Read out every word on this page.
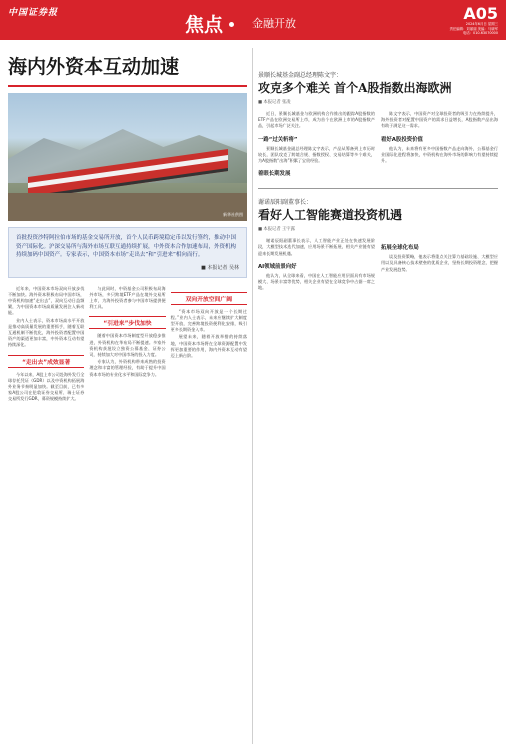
中国证券报
焦点	金融开放
A05
2024年6月日 星期三
责任编辑：刘丽丽 美编：马晓军
电话：010-63070000
海内外资本互动加速
新华社供图
首批投资沙特阿拉伯市场的基金交易所开放，首个人民币跨境稳定币以发行签约，推动中国资产国际化。沪深交易所与海外市场互联互通持续扩展，中外资本合作加速布局，外资机构持续加码中国资产。专家表示，中国资本市场“走出去”和“引进来”相向而行。
■ 本报记者 吴林

近年来，中国资本市场双向开放步伐不断加快。海外资本积极布局中国市场，中资机构加速“走出去”，双向互动日益频繁，为中国资本市场高质量发展注入新动能。

业内人士表示，资本市场高水平开放是推动高质量发展的重要抓手，随着互联互通机制不断优化，海外投资者配置中国资产的渠道更加丰富，中外资本互动有望持续深化。

“走出去”成效显著

今年以来，A股上市公司赴海外发行全球存托凭证（GDR）以及中资机构拓展海外业务节奏明显加快。截至目前，已有多家A股公司在伦敦证券交易所、瑞士证券交易所发行GDR，募资规模持续扩大。

与此同时，中资基金公司积极布局海外市场，多只跨境ETF产品在境外交易所上市，为海外投资者参与中国市场提供便利工具。

“引进来”步伐加快

随着中国资本市场制度型开放稳步推进，外资机构在华布局不断提速。多家外资机构获批设立独资公募基金、证券公司，持续加大对中国市场的投入力度。

专家认为，外资机构带来成熟的投资理念和丰富的管理经验，有助于提升中国资本市场的专业化水平和国际竞争力。

双向开放空间广阔

“资本市场双向开放是一个长期过程。”业内人士表示，未来应继续扩大制度型开放，完善跨境投资便利化安排，吸引更多长期资金入市。

展望未来，随着开放举措的持续落地，中国资本市场将在全球资源配置中发挥更加重要的作用，海内外资本互动有望迈上新台阶。

景顺长城基金副总经理陈文宇：
攻克多个难关 首个A股指数出海欧洲
■ 本报记者 张凌

近日，景顺长城基金与欧洲机构合作推出的跟踪A股指数的ETF产品在欧洲交易所上市，成为首个在欧洲上市的A股指数产品，引起市场广泛关注。

一路“过关斩将”

景顺长城基金副总经理陈文宇表示，产品从筹备到上市历时较长，团队攻克了跨境合规、指数授权、交易结算等多个难关，为A股指数“出海”积累了宝贵经验。

着眼长期发展

陈文宇表示，中国资产对全球投资者的吸引力在持续提升，海外投资者对配置中国资产的需求日益增长，A股指数产品出海有助于满足这一需求。

看好A股投资价值

他认为，未来将有更多中国指数产品走向海外，公募基金行业国际化进程将加快，中资机构在海外市场的影响力有望持续提升。

谢诺辰阳副董事长：
看好人工智能赛道投资机遇
■ 本报记者 王宇露

谢诺辰阳副董事长表示，人工智能产业正处在快速发展阶段，大模型技术迭代加速，应用场景不断拓展，相关产业链有望迎来长期发展机遇。

AI领域前景向好

他认为，从全球来看，中国在人工智能应用层面具有市场规模大、场景丰富等优势，相关企业有望在全球竞争中占据一席之地。

拓展全球化布局

谈及投资策略，他表示将重点关注算力基础设施、大模型应用以及具备核心技术壁垒的优质企业，坚持长期投资理念，把握产业发展趋势。
